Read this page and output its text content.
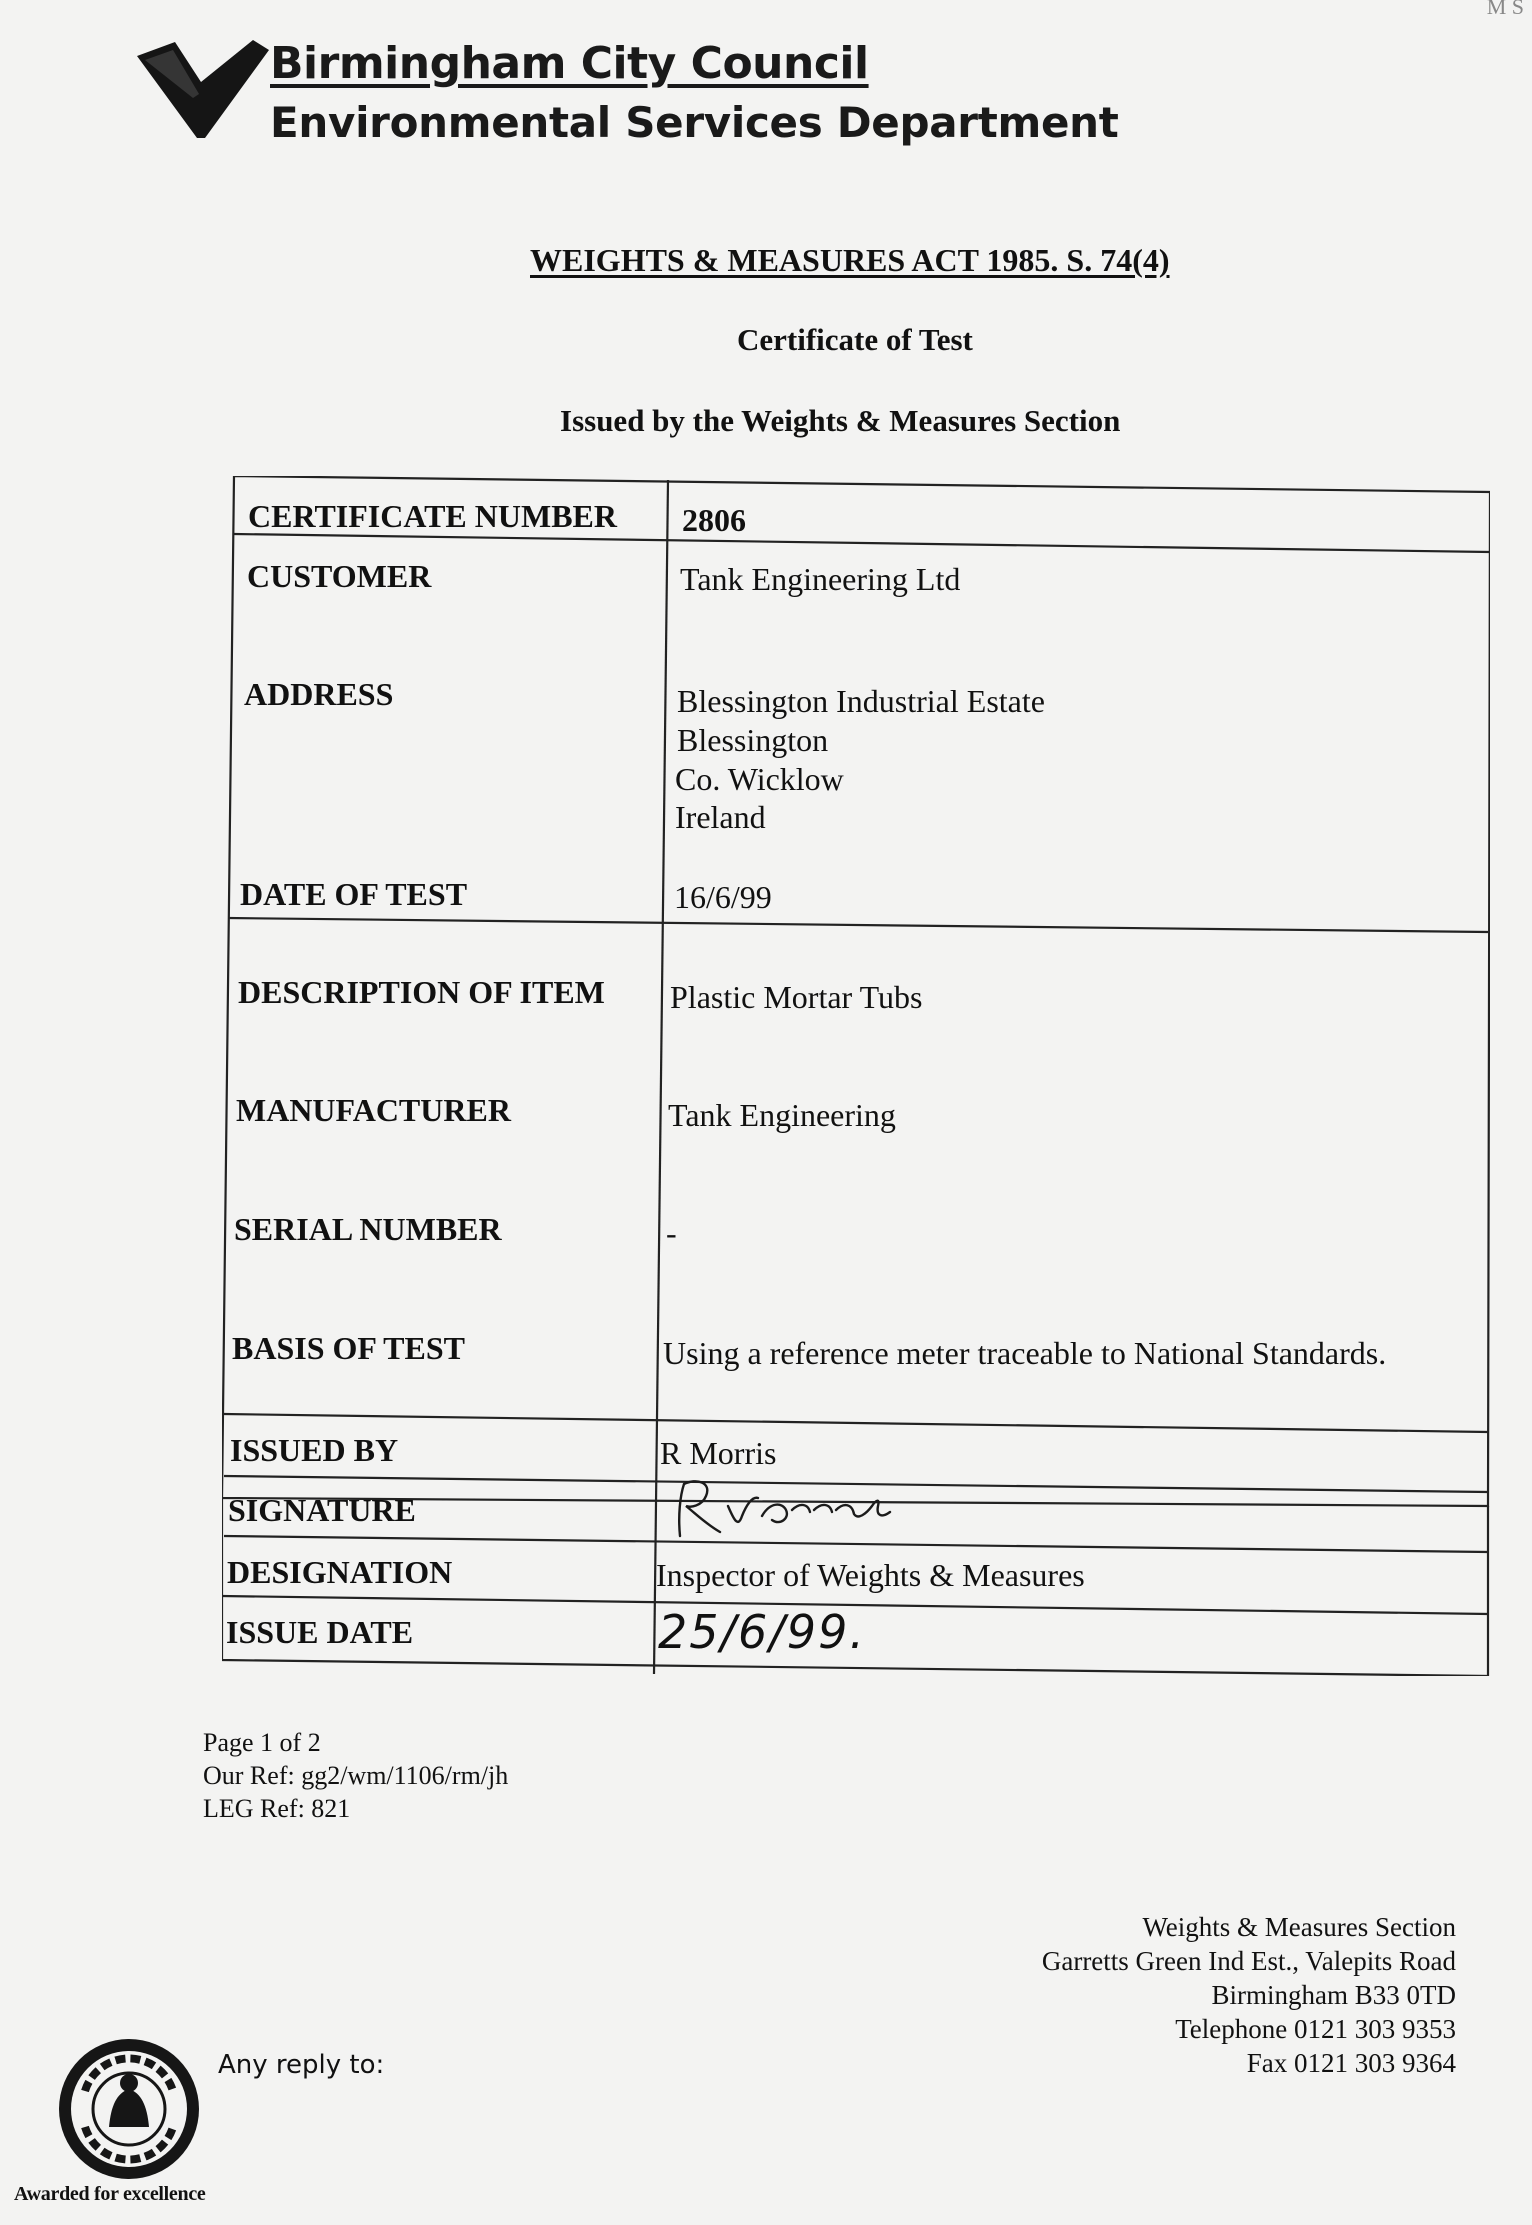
M S
Birmingham City Council
Environmental Services Department
WEIGHTS & MEASURES ACT 1985. S. 74(4)
Certificate of Test
Issued by the Weights & Measures Section
CERTIFICATE NUMBER 2806
CUSTOMER	Tank Engineering Ltd
ADDRESS	Blessington Industrial Estate
Blessington
Co. Wicklow
Ireland
DATE OF TEST	16/6/99
DESCRIPTION OF ITEM Plastic Mortar Tubs
MANUFACTURER	Tank Engineering
SERIAL NUMBER	-
BASIS OF TEST	Using a reference meter traceable to National Standards.
ISSUED BY	R Morris
SIGNATURE
DESIGNATION	Inspector of Weights & Measures
ISSUE DATE	25/6/99.
Page 1 of 2
Our Ref: gg2/wm/1106/rm/jh
LEG Ref: 821
Weights & Measures Section
Garretts Green Ind Est., Valepits Road
Birmingham B33 0TD
Telephone 0121 303 9353
Fax 0121 303 9364
Any reply to:
Awarded for excellence
